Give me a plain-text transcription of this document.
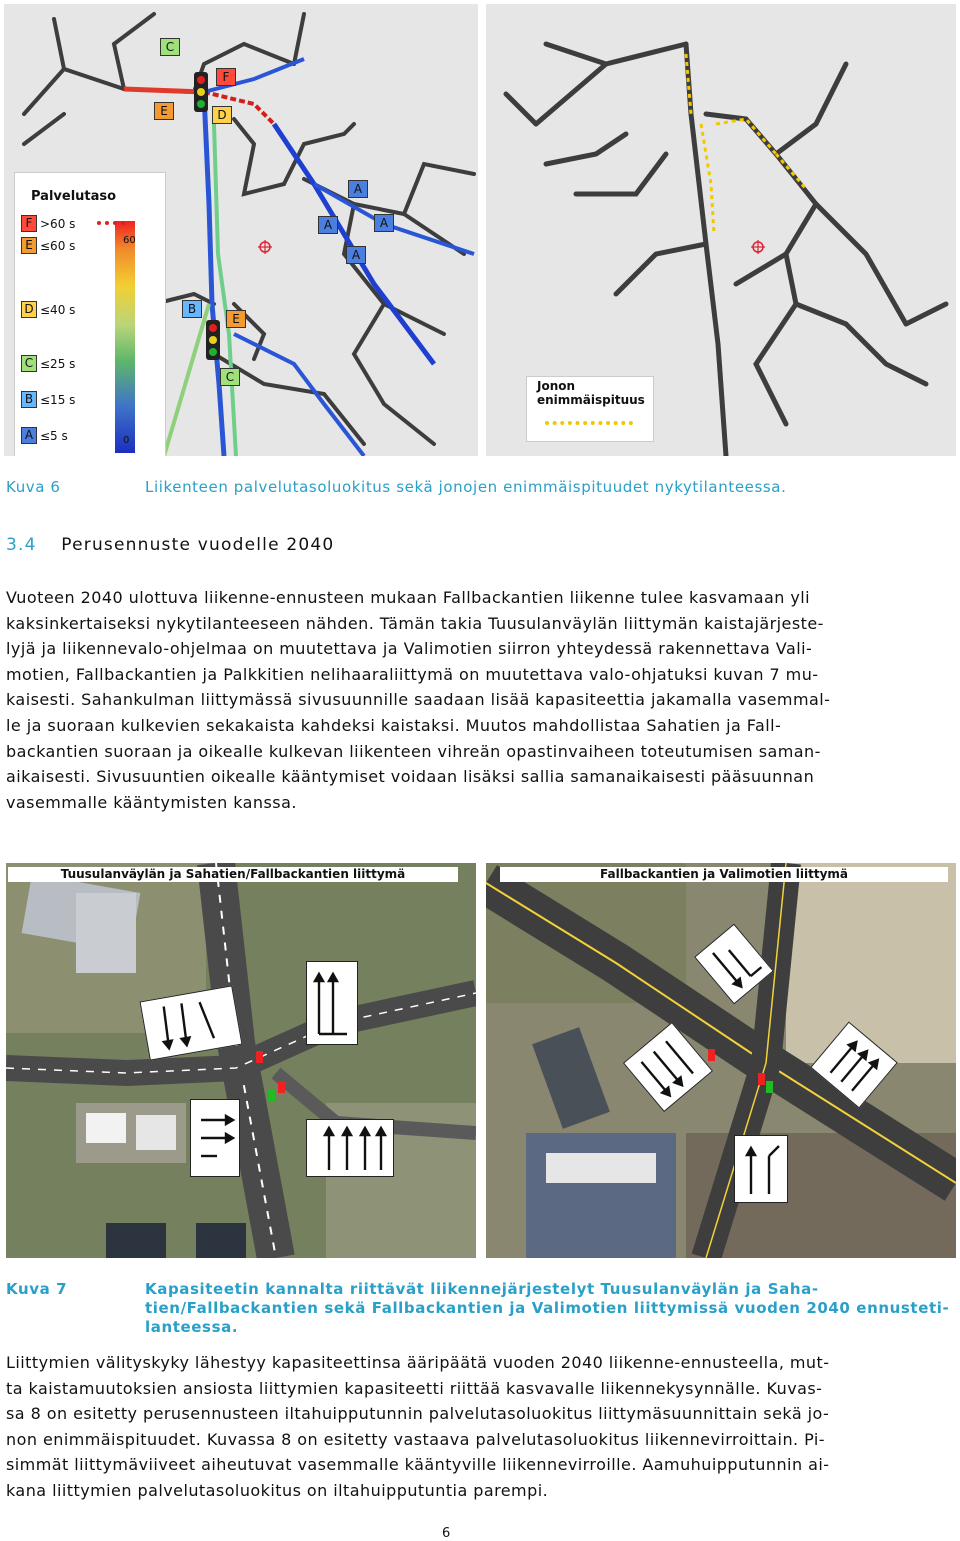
C
F
E	D
A
A	A
A
B
E
C
Palvelutaso
F >60 s
E ≤60 s
D ≤40 s
C ≤25 s
B ≤15 s
A ≤5 s
60
0
Jonon
enimmäispituus
Kuva 6	Liikenteen palvelutasoluokitus sekä jonojen enimmäispituudet nykytilanteessa.
3.4 Perusennuste vuodelle 2040
Vuoteen 2040 ulottuva liikenne-ennusteen mukaan Fallbackantien liikenne tulee kasvamaan yli
kaksinkertaiseksi nykytilanteeseen nähden. Tämän takia Tuusulanväylän liittymän kaistajärjeste-
lyjä ja liikennevalo-ohjelmaa on muutettava ja Valimotien siirron yhteydessä rakennettava Vali-
motien, Fallbackantien ja Palkkitien nelihaaraliittymä on muutettava valo-ohjatuksi kuvan 7 mu-
kaisesti. Sahankulman liittymässä sivusuunnille saadaan lisää kapasiteettia jakamalla vasemmal-
le ja suoraan kulkevien sekakaista kahdeksi kaistaksi. Muutos mahdollistaa Sahatien ja Fall-
backantien suoraan ja oikealle kulkevan liikenteen vihreän opastinvaiheen toteutumisen saman-
aikaisesti. Sivusuuntien oikealle kääntymiset voidaan lisäksi sallia samanaikaisesti pääsuunnan
vasemmalle kääntymisten kanssa.
Tuusulanväylän ja Sahatien/Fallbackantien liittymä	Fallbackantien ja Valimotien liittymä
Kuva 7	Kapasiteetin kannalta riittävät liikennejärjestelyt Tuusulanväylän ja Saha-
tien/Fallbackantien sekä Fallbackantien ja Valimotien liittymissä vuoden 2040 ennusteti-
lanteessa.
Liittymien välityskyky lähestyy kapasiteettinsa ääripäätä vuoden 2040 liikenne-ennusteella, mut-
ta kaistamuutoksien ansiosta liittymien kapasiteetti riittää kasvavalle liikennekysynnälle. Kuvas-
sa 8 on esitetty perusennusteen iltahuipputunnin palvelutasoluokitus liittymäsuunnittain sekä jo-
non enimmäispituudet. Kuvassa 8 on esitetty vastaava palvelutasoluokitus liikennevirroittain. Pi-
simmät liittymäviiveet aiheutuvat vasemmalle kääntyville liikennevirroille. Aamuhuipputunnin ai-
kana liittymien palvelutasoluokitus on iltahuipputuntia parempi.
6
